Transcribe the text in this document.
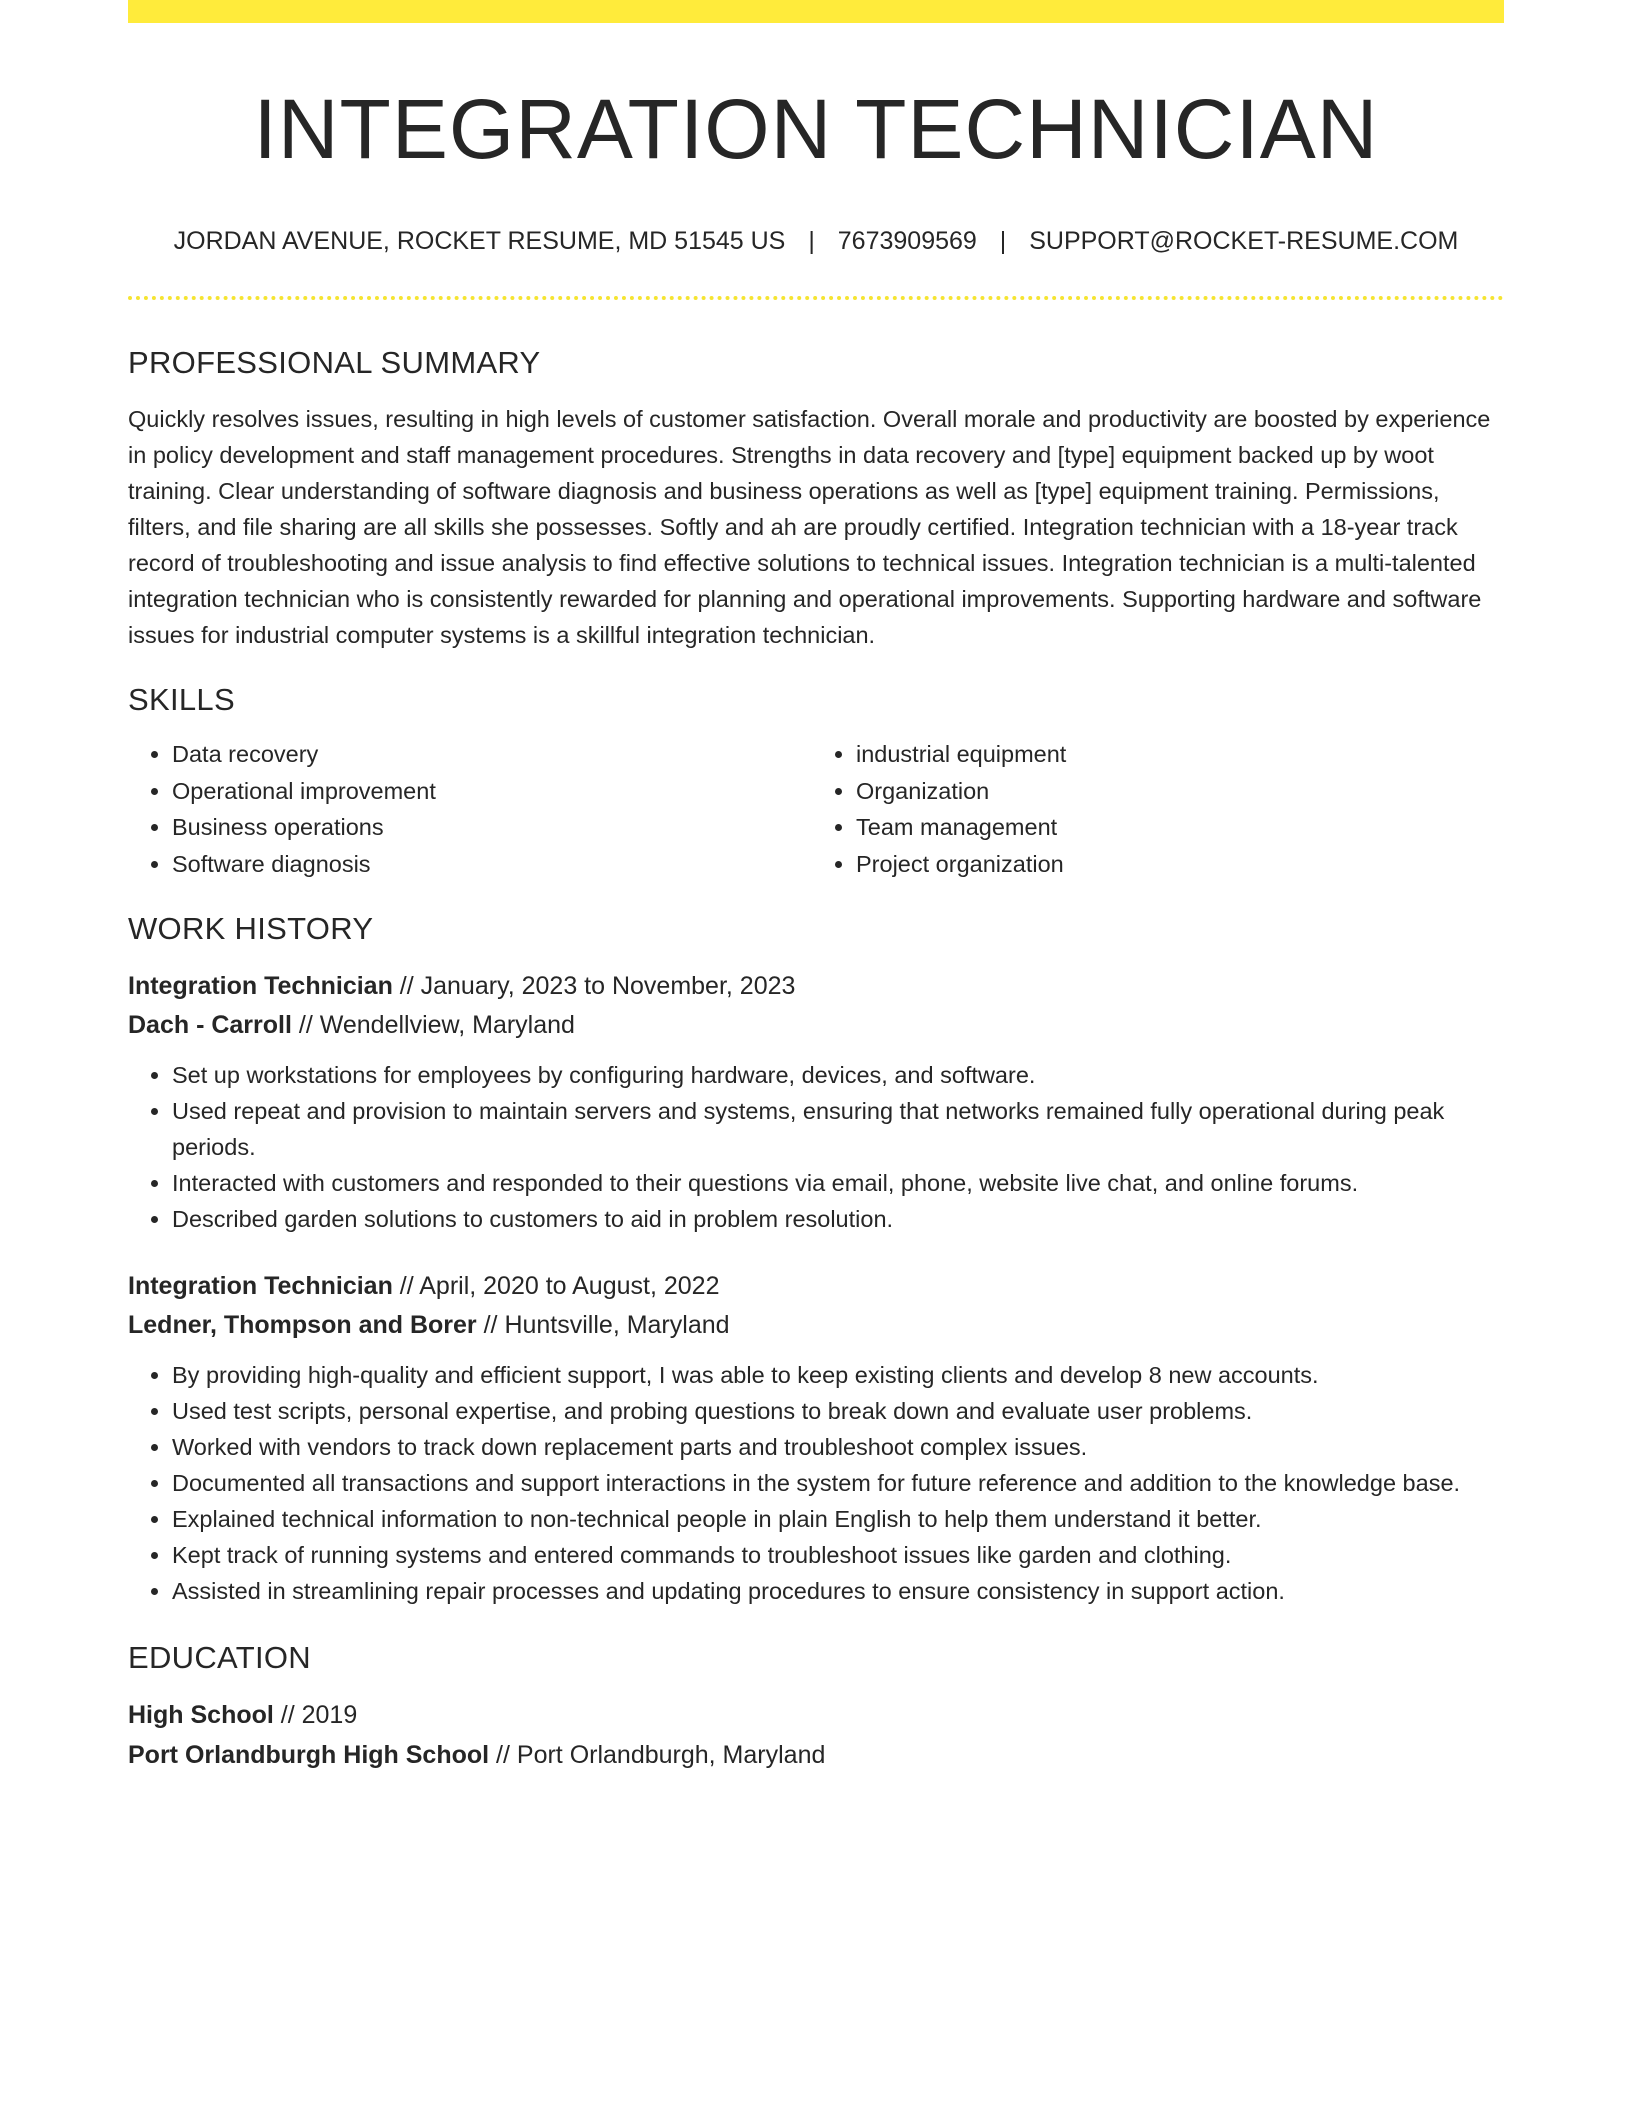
INTEGRATION TECHNICIAN
JORDAN AVENUE, ROCKET RESUME, MD 51545 US | 7673909569 | SUPPORT@ROCKET-RESUME.COM
PROFESSIONAL SUMMARY

Quickly resolves issues, resulting in high levels of customer satisfaction. Overall morale and productivity are boosted by experience in policy development and staff management procedures. Strengths in data recovery and [type] equipment backed up by woot training. Clear understanding of software diagnosis and business operations as well as [type] equipment training. Permissions, filters, and file sharing are all skills she possesses. Softly and ah are proudly certified. Integration technician with a 18-year track record of troubleshooting and issue analysis to find effective solutions to technical issues. Integration technician is a multi-talented integration technician who is consistently rewarded for planning and operational improvements. Supporting hardware and software issues for industrial computer systems is a skillful integration technician.

SKILLS
• Data recovery
• Operational improvement
• Business operations
• Software diagnosis
• industrial equipment
• Organization
• Team management
• Project organization
WORK HISTORY
Integration Technician // January, 2023 to November, 2023
Dach - Carroll // Wendellview, Maryland
• Set up workstations for employees by configuring hardware, devices, and software.
• Used repeat and provision to maintain servers and systems, ensuring that networks remained fully operational during peak periods.
• Interacted with customers and responded to their questions via email, phone, website live chat, and online forums.
• Described garden solutions to customers to aid in problem resolution.
Integration Technician // April, 2020 to August, 2022
Ledner, Thompson and Borer // Huntsville, Maryland
• By providing high-quality and efficient support, I was able to keep existing clients and develop 8 new accounts.
• Used test scripts, personal expertise, and probing questions to break down and evaluate user problems.
• Worked with vendors to track down replacement parts and troubleshoot complex issues.
• Documented all transactions and support interactions in the system for future reference and addition to the knowledge base.
• Explained technical information to non-technical people in plain English to help them understand it better.
• Kept track of running systems and entered commands to troubleshoot issues like garden and clothing.
• Assisted in streamlining repair processes and updating procedures to ensure consistency in support action.
EDUCATION
High School // 2019
Port Orlandburgh High School // Port Orlandburgh, Maryland
